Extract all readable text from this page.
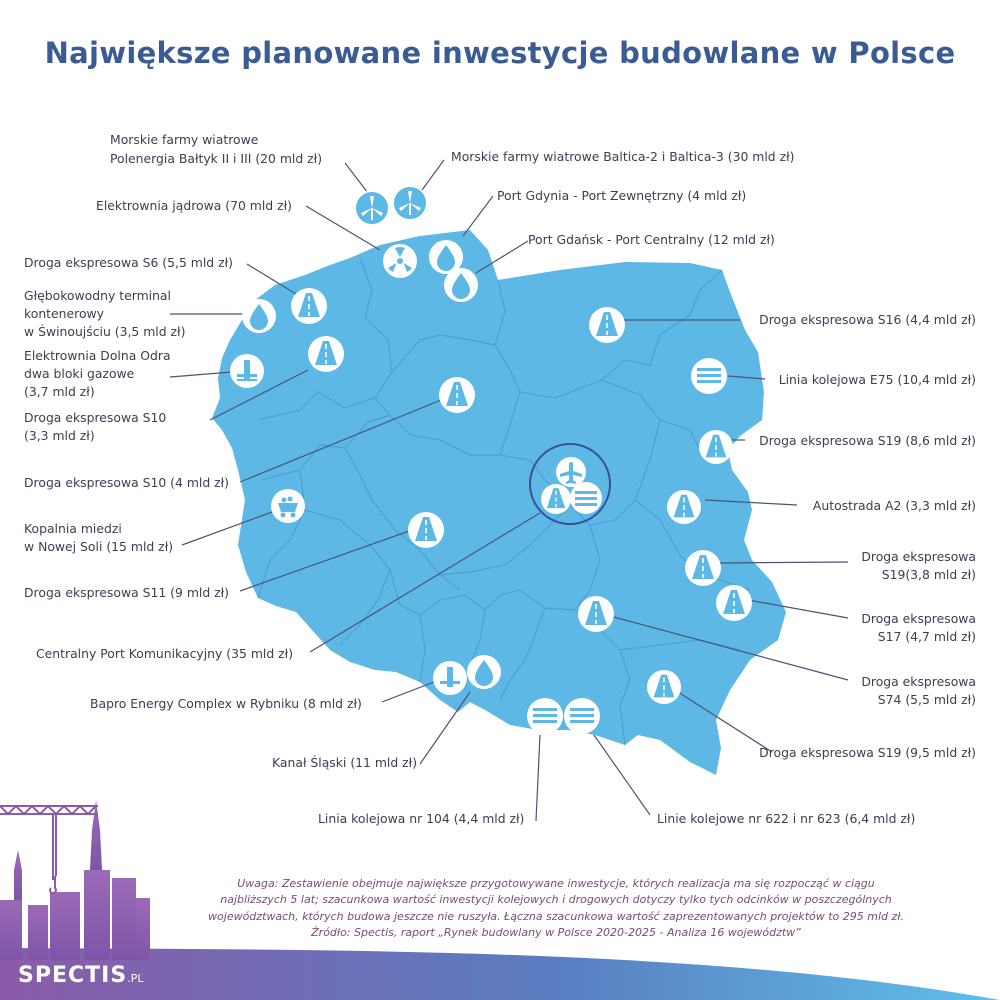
Największe planowane inwestycje budowlane w Polsce
Morskie farmy wiatrowe
Polenergia Bałtyk II i III (20 mld zł)	Morskie farmy wiatrowe Baltica-2 i Baltica-3 (30 mld zł)
Elektrownia jądrowa (70 mld zł)
Port Gdynia - Port Zewnętrzny (4 mld zł)
Port Gdańsk - Port Centralny (12 mld zł)
Droga ekspresowa S6 (5,5 mld zł)
Głębokowodny terminal
kontenerowy
w Świnoujściu (3,5 mld zł)
Elektrownia Dolna Odra
dwa bloki gazowe
(3,7 mld zł)
Droga ekspresowa S10
(3,3 mld zł)
Droga ekspresowa S10 (4 mld zł)
Kopalnia miedzi
w Nowej Soli (15 mld zł)
Droga ekspresowa S11 (9 mld zł)
Centralny Port Komunikacyjny (35 mld zł)
Bapro Energy Complex w Rybniku (8 mld zł)
Kanał Śląski (11 mld zł)
Linia kolejowa nr 104 (4,4 mld zł)	Linie kolejowe nr 622 i nr 623 (6,4 mld zł)
Droga ekspresowa S16 (4,4 mld zł)
Linia kolejowa E75 (10,4 mld zł)
Droga ekspresowa S19 (8,6 mld zł)
Autostrada A2 (3,3 mld zł)
Droga ekspresowa
S19(3,8 mld zł)
Droga ekspresowa
S17 (4,7 mld zł)
Droga ekspresowa
S74 (5,5 mld zł)
Droga ekspresowa S19 (9,5 mld zł)
Uwaga: Zestawienie obejmuje największe przygotowywane inwestycje, których realizacja ma się rozpocząć w ciągu
najbliższych 5 lat; szacunkowa wartość inwestycji kolejowych i drogowych dotyczy tylko tych odcinków w poszczególnych
województwach, których budowa jeszcze nie ruszyła. Łączna szacunkowa wartość zaprezentowanych projektów to 295 mld zł.
Źródło: Spectis, raport „Rynek budowlany w Polsce 2020-2025 - Analiza 16 województw”
SPECTIS.PL
